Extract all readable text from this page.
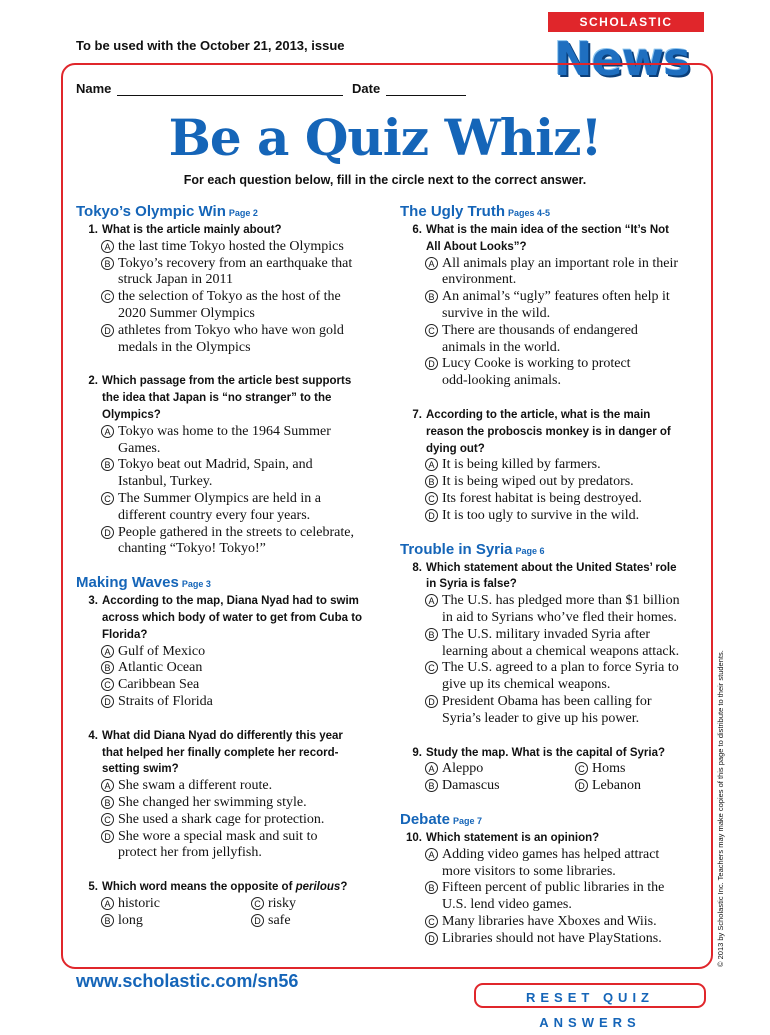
To be used with the October 21, 2013, issue
SCHOLASTIC
News
Name	Date
Be a Quiz Whiz!
For each question below, fill in the circle next to the correct answer.
Tokyo’s Olympic Win Page 2
1. What is the article mainly about?
A the last time Tokyo hosted the Olympics
B Tokyo’s recovery from an earthquake that
struck Japan in 2011
C the selection of Tokyo as the host of the
2020 Summer Olympics
D athletes from Tokyo who have won gold
medals in the Olympics
2. Which passage from the article best supports
the idea that Japan is “no stranger” to the
Olympics?
A Tokyo was home to the 1964 Summer
Games.
B Tokyo beat out Madrid, Spain, and
Istanbul, Turkey.
C The Summer Olympics are held in a
different country every four years.
D People gathered in the streets to celebrate,
chanting “Tokyo! Tokyo!”
Making Waves Page 3
3. According to the map, Diana Nyad had to swim
across which body of water to get from Cuba to
Florida?
A Gulf of Mexico
B Atlantic Ocean
C Caribbean Sea
D Straits of Florida
4. What did Diana Nyad do differently this year
that helped her finally complete her record-
setting swim?
A She swam a different route.
B She changed her swimming style.
C She used a shark cage for protection.
D She wore a special mask and suit to
protect her from jellyfish.
5. Which word means the opposite of perilous?
A historic	C risky
B long	D safe
The Ugly Truth Pages 4-5
6. What is the main idea of the section “It’s Not
All About Looks”?
A All animals play an important role in their
environment.
B An animal’s “ugly” features often help it
survive in the wild.
C There are thousands of endangered
animals in the world.
D Lucy Cooke is working to protect
odd-looking animals.
7. According to the article, what is the main
reason the proboscis monkey is in danger of
dying out?
A It is being killed by farmers.
B It is being wiped out by predators.
C Its forest habitat is being destroyed.
D It is too ugly to survive in the wild.
Trouble in Syria Page 6
8. Which statement about the United States’ role
in Syria is false?
A The U.S. has pledged more than $1 billion
in aid to Syrians who’ve fled their homes.
B The U.S. military invaded Syria after
learning about a chemical weapons attack.
C The U.S. agreed to a plan to force Syria to
give up its chemical weapons.
D President Obama has been calling for
Syria’s leader to give up his power.
9. Study the map. What is the capital of Syria?
A Aleppo	C Homs
B Damascus	D Lebanon
Debate Page 7
10. Which statement is an opinion?
A Adding video games has helped attract
more visitors to some libraries.
B Fifteen percent of public libraries in the
U.S. lend video games.
C Many libraries have Xboxes and Wiis.
D Libraries should not have PlayStations.	© 2013 by Scholastic Inc. Teachers may make copies of this page to distribute to their students.
www.scholastic.com/sn56
RESET QUIZ ANSWERS
